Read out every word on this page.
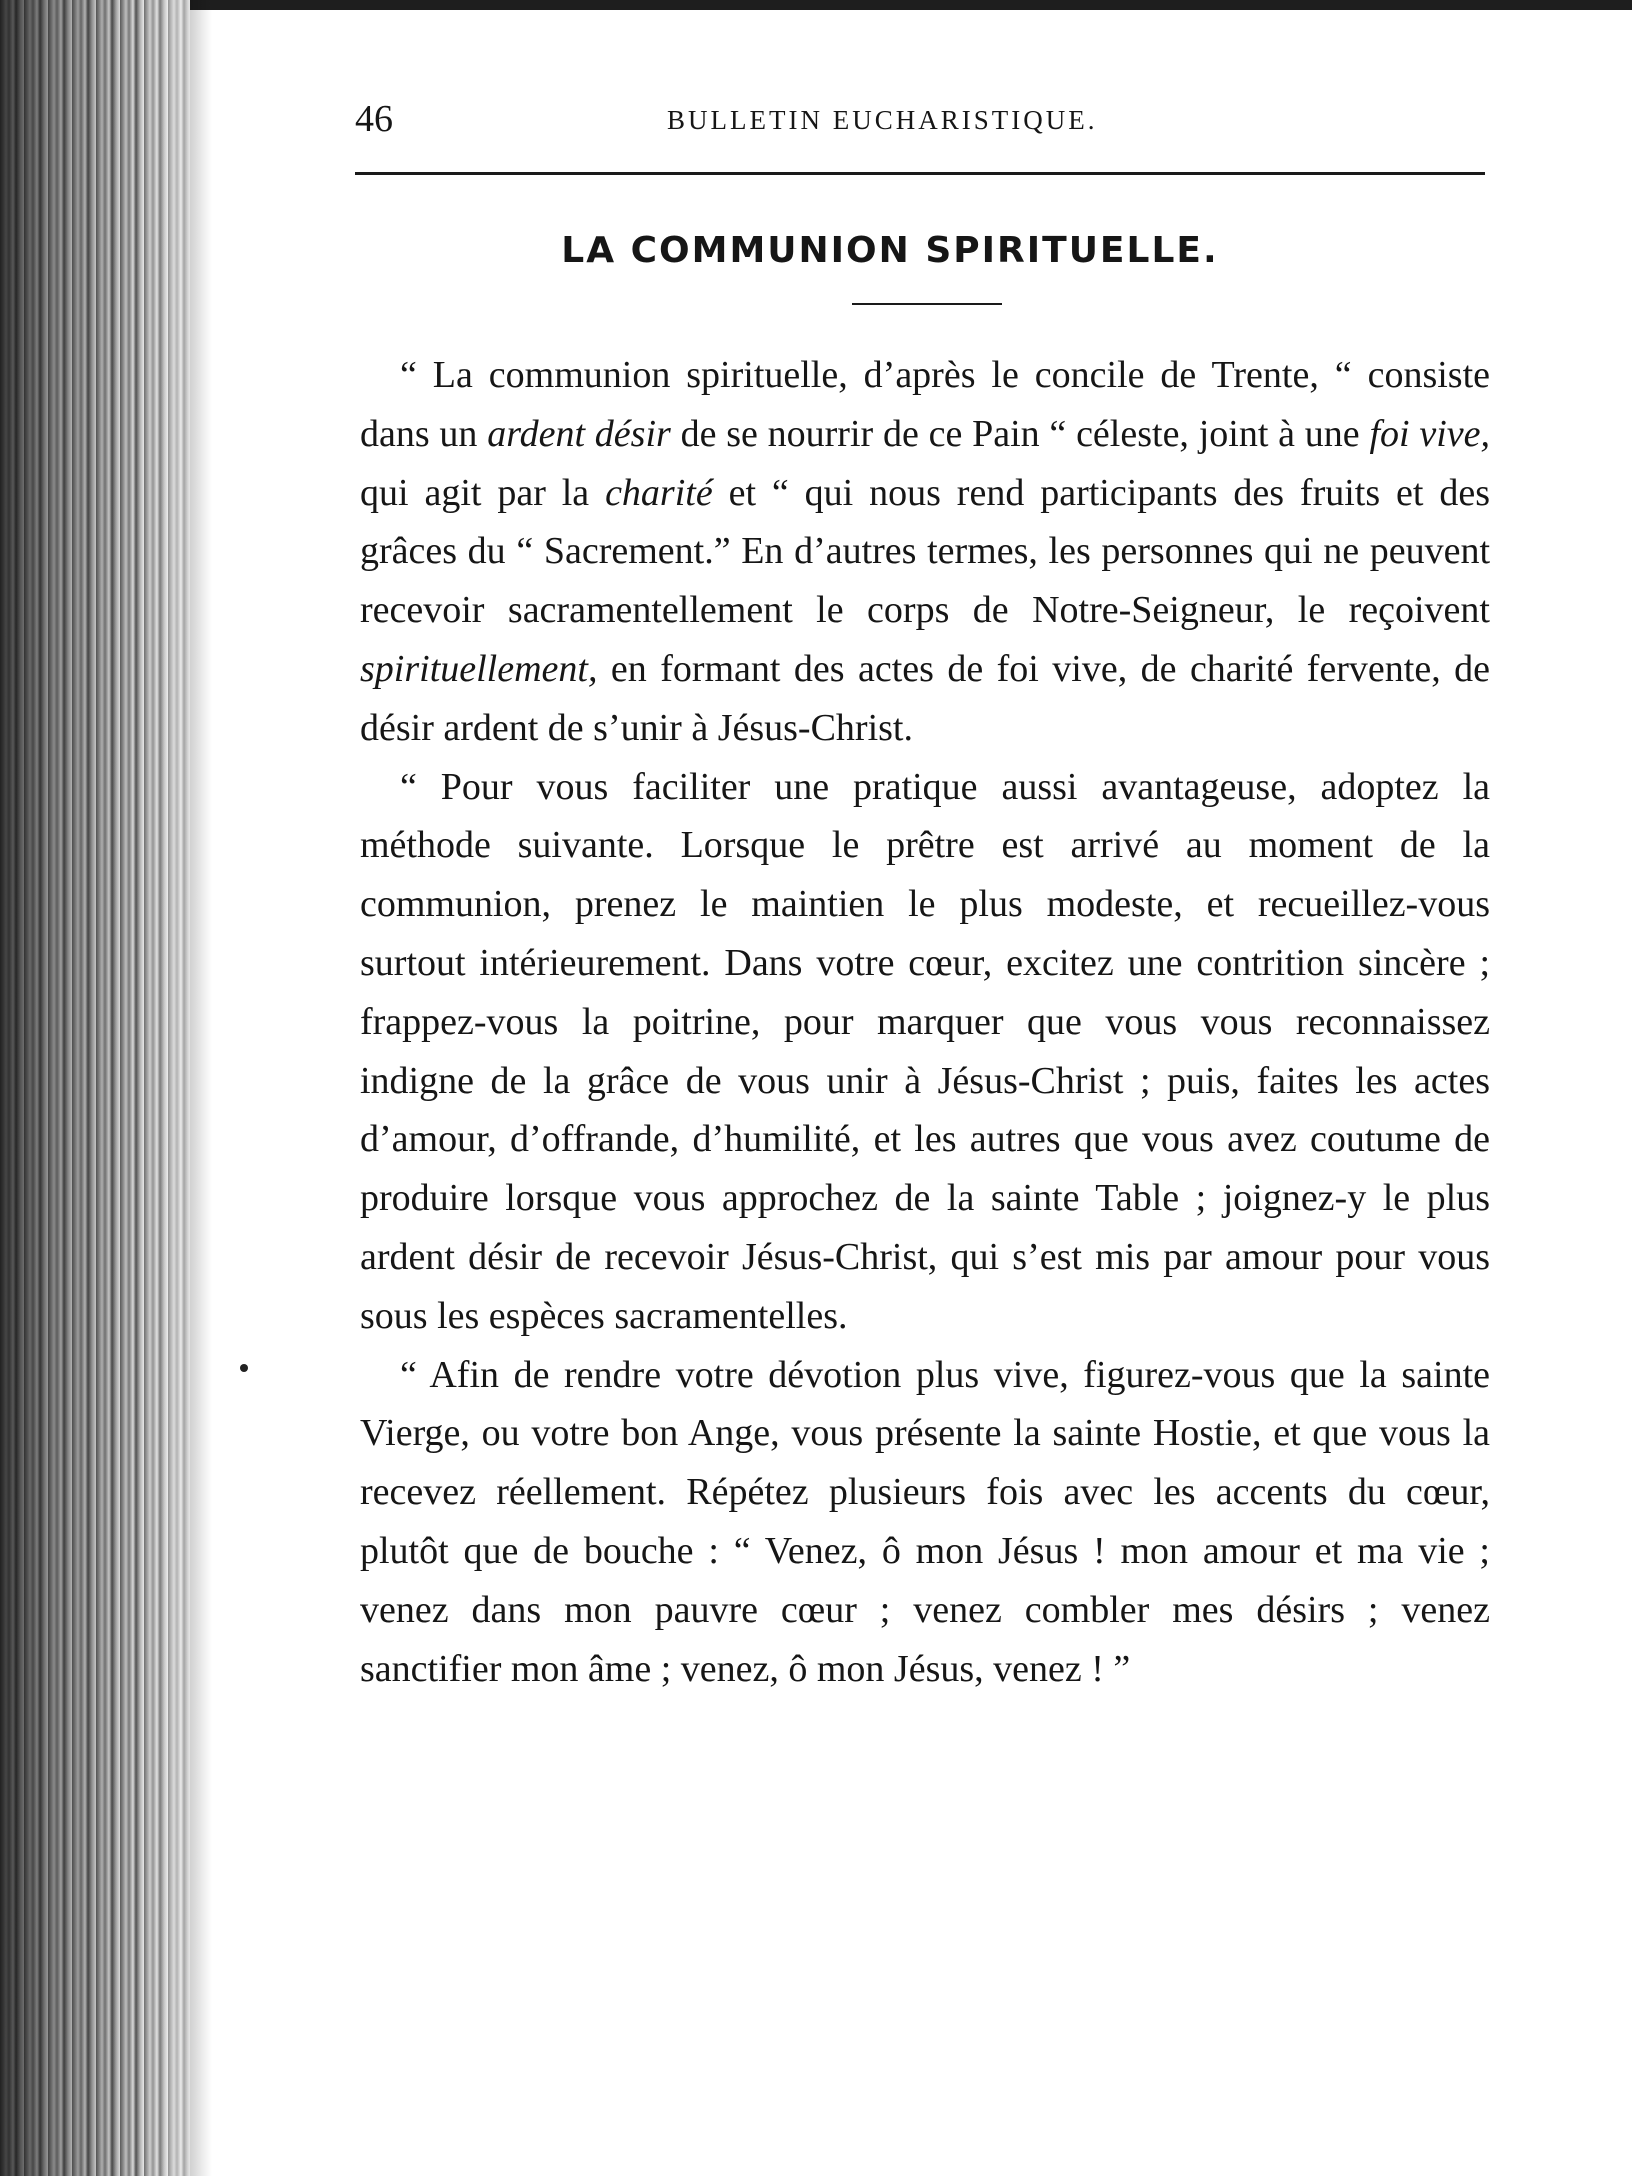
46	BULLETIN EUCHARISTIQUE.
LA COMMUNION SPIRITUELLE.

“ La communion spirituelle, d’après le concile de Trente, “ consiste dans un ardent désir de se nourrir de ce Pain “ céleste, joint à une foi vive, qui agit par la charité et “ qui nous rend participants des fruits et des grâces du “ Sacrement.” En d’autres termes, les personnes qui ne peuvent recevoir sacramentellement le corps de Notre-Seigneur, le reçoivent spirituellement, en formant des actes de foi vive, de charité fervente, de désir ardent de s’unir à Jésus-Christ.

“ Pour vous faciliter une pratique aussi avantageuse, adoptez la méthode suivante. Lorsque le prêtre est arrivé au moment de la communion, prenez le maintien le plus modeste, et recueillez-vous surtout intérieurement. Dans votre cœur, excitez une contrition sincère ; frappez-vous la poitrine, pour marquer que vous vous reconnaissez indigne de la grâce de vous unir à Jésus-Christ ; puis, faites les actes d’amour, d’offrande, d’humilité, et les autres que vous avez coutume de produire lorsque vous approchez de la sainte Table ; joignez-y le plus ardent désir de recevoir Jésus-Christ, qui s’est mis par amour pour vous sous les espèces sacramentelles.

“ Afin de rendre votre dévotion plus vive, figurez-vous que la sainte Vierge, ou votre bon Ange, vous présente la sainte Hostie, et que vous la recevez réellement. Répétez plusieurs fois avec les accents du cœur, plutôt que de bouche : “ Venez, ô mon Jésus ! mon amour et ma vie ; venez dans mon pauvre cœur ; venez combler mes désirs ; venez sanctifier mon âme ; venez, ô mon Jésus, venez ! ”
